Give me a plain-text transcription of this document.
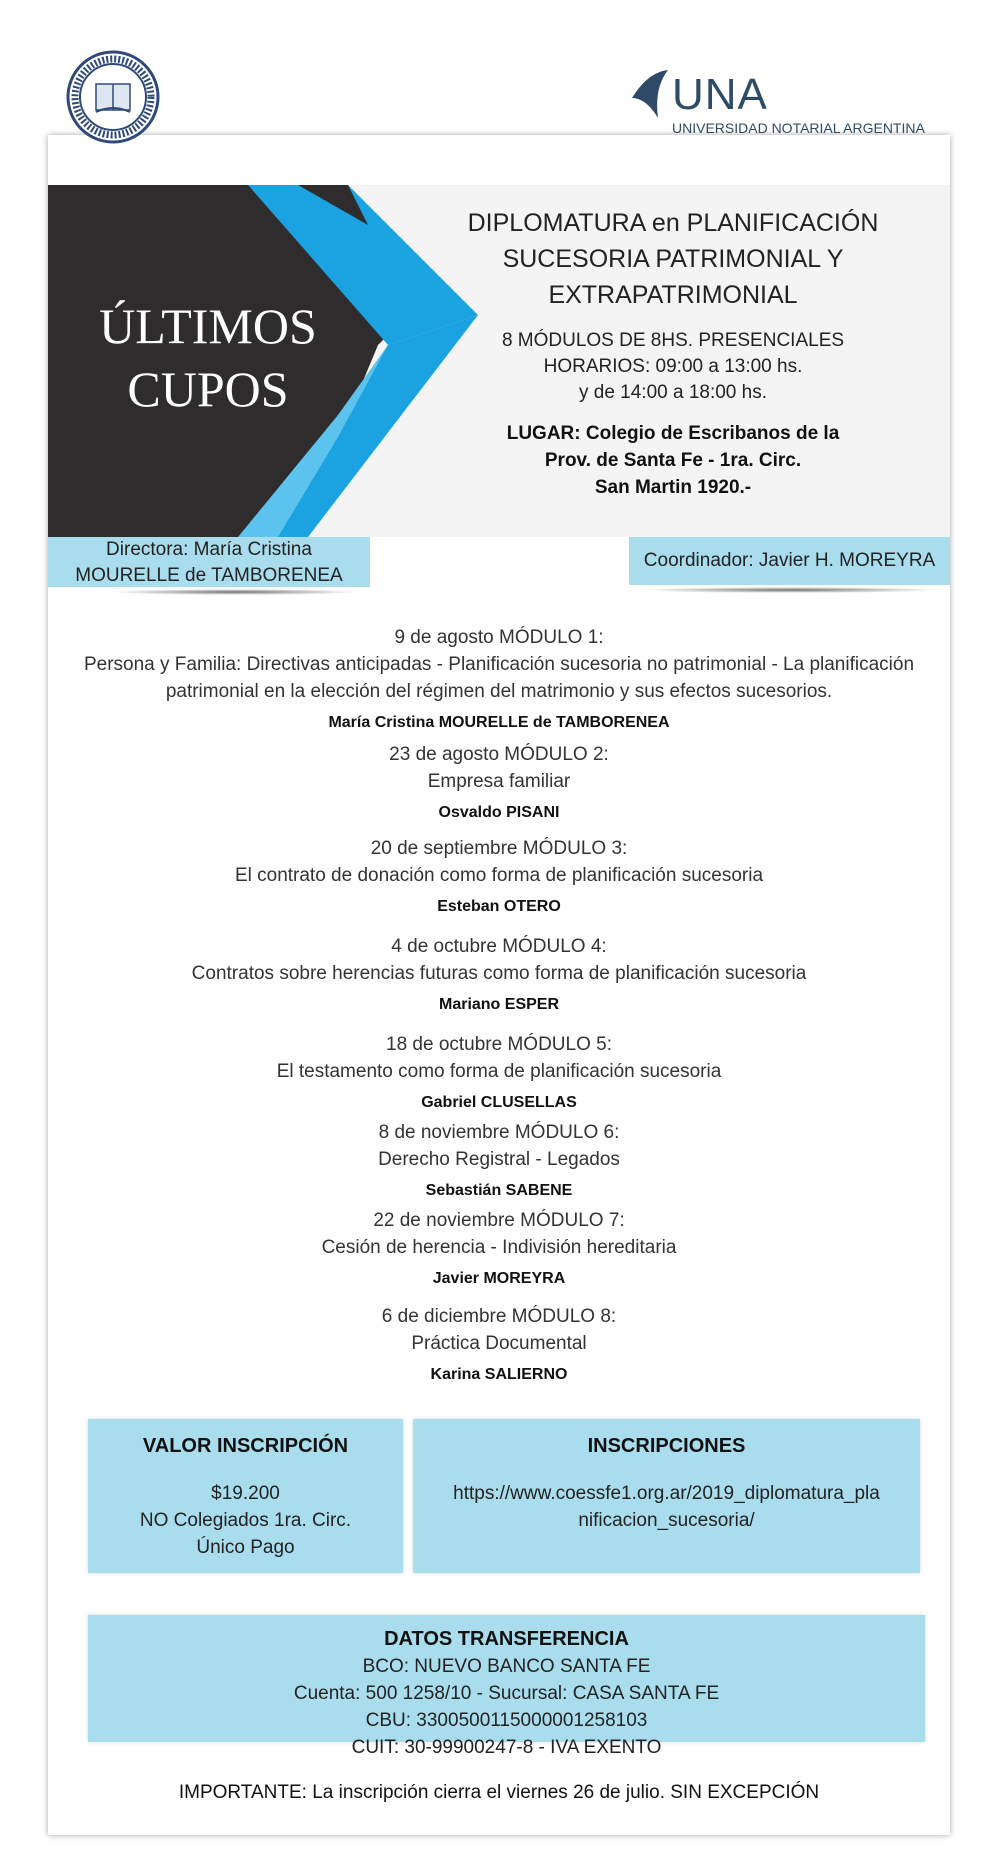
UNA
UNIVERSIDAD NOTARIAL ARGENTINA
ÚLTIMOS
CUPOS
DIPLOMATURA en PLANIFICACIÓN
SUCESORIA PATRIMONIAL Y
EXTRAPATRIMONIAL
8 MÓDULOS DE 8HS. PRESENCIALES
HORARIOS: 09:00 a 13:00 hs.
y de 14:00 a 18:00 hs.
LUGAR: Colegio de Escribanos de la
Prov. de Santa Fe - 1ra. Circ.
San Martin 1920.-
Directora: María Cristina
MOURELLE de TAMBORENEA
Coordinador: Javier H. MOREYRA
9 de agosto MÓDULO 1:
Persona y Familia: Directivas anticipadas - Planificación sucesoria no patrimonial - La planificación
patrimonial en la elección del régimen del matrimonio y sus efectos sucesorios.
María Cristina MOURELLE de TAMBORENEA
23 de agosto MÓDULO 2:
Empresa familiar
Osvaldo PISANI
20 de septiembre MÓDULO 3:
El contrato de donación como forma de planificación sucesoria
Esteban OTERO
4 de octubre MÓDULO 4:
Contratos sobre herencias futuras como forma de planificación sucesoria
Mariano ESPER
18 de octubre MÓDULO 5:
El testamento como forma de planificación sucesoria
Gabriel CLUSELLAS
8 de noviembre MÓDULO 6:
Derecho Registral - Legados
Sebastián SABENE
22 de noviembre MÓDULO 7:
Cesión de herencia - Indivisión hereditaria
Javier MOREYRA
6 de diciembre MÓDULO 8:
Práctica Documental
Karina SALIERNO
VALOR INSCRIPCIÓN

$19.200

NO Colegiados 1ra. Circ.

Único Pago

INSCRIPCIONES

https://www.coessfe1.org.ar/2019_diplomatura_pla
nificacion_sucesoria/

DATOS TRANSFERENCIA

BCO: NUEVO BANCO SANTA FE

Cuenta: 500 1258/10 - Sucursal: CASA SANTA FE

CBU: 3300500115000001258103

CUIT: 30-99900247-8 - IVA EXENTO

IMPORTANTE: La inscripción cierra el viernes 26 de julio. SIN EXCEPCIÓN
